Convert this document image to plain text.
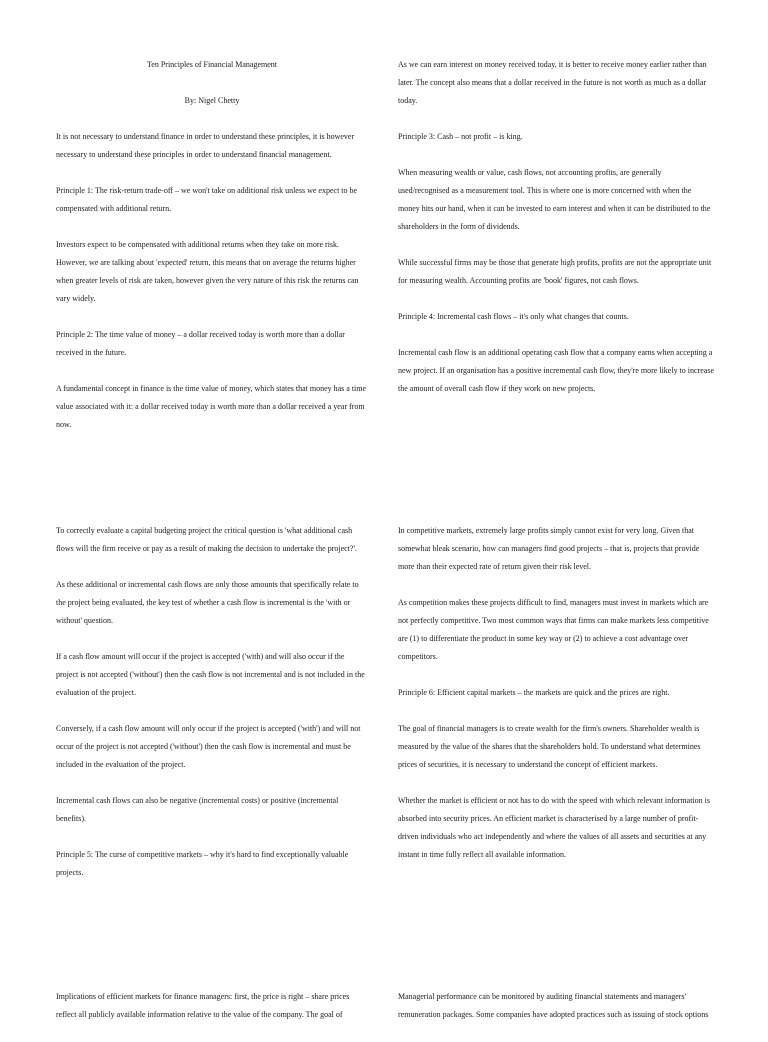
Ten Principles of Financial Management

By: Nigel Chetty

It is not necessary to understand finance in order to understand these principles, it is however necessary to understand these principles in order to understand financial management.

Principle 1: The risk-return trade-off – we won't take on additional risk unless we expect to be compensated with additional return.

Investors expect to be compensated with additional returns when they take on more risk. However, we are talking about 'expected' return, this means that on average the returns higher when greater levels of risk are taken, however given the very nature of this risk the returns can vary widely.

Principle 2: The time value of money – a dollar received today is worth more than a dollar received in the future.

A fundamental concept in finance is the time value of money, which states that money has a time value associated with it: a dollar received today is worth more than a dollar received a year from now.

As we can earn interest on money received today, it is better to receive money earlier rather than later. The concept also means that a dollar received in the future is not worth as much as a dollar today.

Principle 3: Cash – not profit – is king.

When measuring wealth or value, cash flows, not accounting profits, are generally used/recognised as a measurement tool. This is where one is more concerned with when the money hits our hand, when it can be invested to earn interest and when it can be distributed to the shareholders in the form of dividends.

While successful firms may be those that generate high profits, profits are not the appropriate unit for measuring wealth. Accounting profits are 'book' figures, not cash flows.

Principle 4: Incremental cash flows – it's only what changes that counts.

Incremental cash flow is an additional operating cash flow that a company earns when accepting a new project. If an organisation has a positive incremental cash flow, they're more likely to increase the amount of overall cash flow if they work on new projects.

To correctly evaluate a capital budgeting project the critical question is 'what additional cash flows will the firm receive or pay as a result of making the decision to undertake the project?'.

As these additional or incremental cash flows are only those amounts that specifically relate to the project being evaluated, the key test of whether a cash flow is incremental is the 'with or without' question.

If a cash flow amount will occur if the project is accepted ('with) and will also occur if the project is not accepted ('without') then the cash flow is not incremental and is not included in the evaluation of the project.

Conversely, if a cash flow amount will only occur if the project is accepted ('with') and will not occur of the project is not accepted ('without') then the cash flow is incremental and must be included in the evaluation of the project.

Incremental cash flows can also be negative (incremental costs) or positive (incremental benefits).

Principle 5: The curse of competitive markets – why it's hard to find exceptionally valuable projects.

In competitive markets, extremely large profits simply cannot exist for very long. Given that somewhat bleak scenario, how can managers find good projects – that is, projects that provide more than their expected rate of return given their risk level.

As competition makes these projects difficult to find, managers must invest in markets which are not perfectly competitive. Two most common ways that firms can make markets less competitive are (1) to differentiate the product in some key way or (2) to achieve a cost advantage over competitors.

Principle 6: Efficient capital markets – the markets are quick and the prices are right.

The goal of financial managers is to create wealth for the firm's owners. Shareholder wealth is measured by the value of the shares that the shareholders hold. To understand what determines prices of securities, it is necessary to understand the concept of efficient markets.

Whether the market is efficient or not has to do with the speed with which relevant information is absorbed into security prices. An efficient market is characterised by a large number of profit-driven individuals who act independently and where the values of all assets and securities at any instant in time fully reflect all available information.

Implications of efficient markets for finance managers: first, the price is right – share prices reflect all publicly available information relative to the value of the company. The goal of

Managerial performance can be monitored by auditing financial statements and managers' remuneration packages. Some companies have adopted practices such as issuing of stock options
